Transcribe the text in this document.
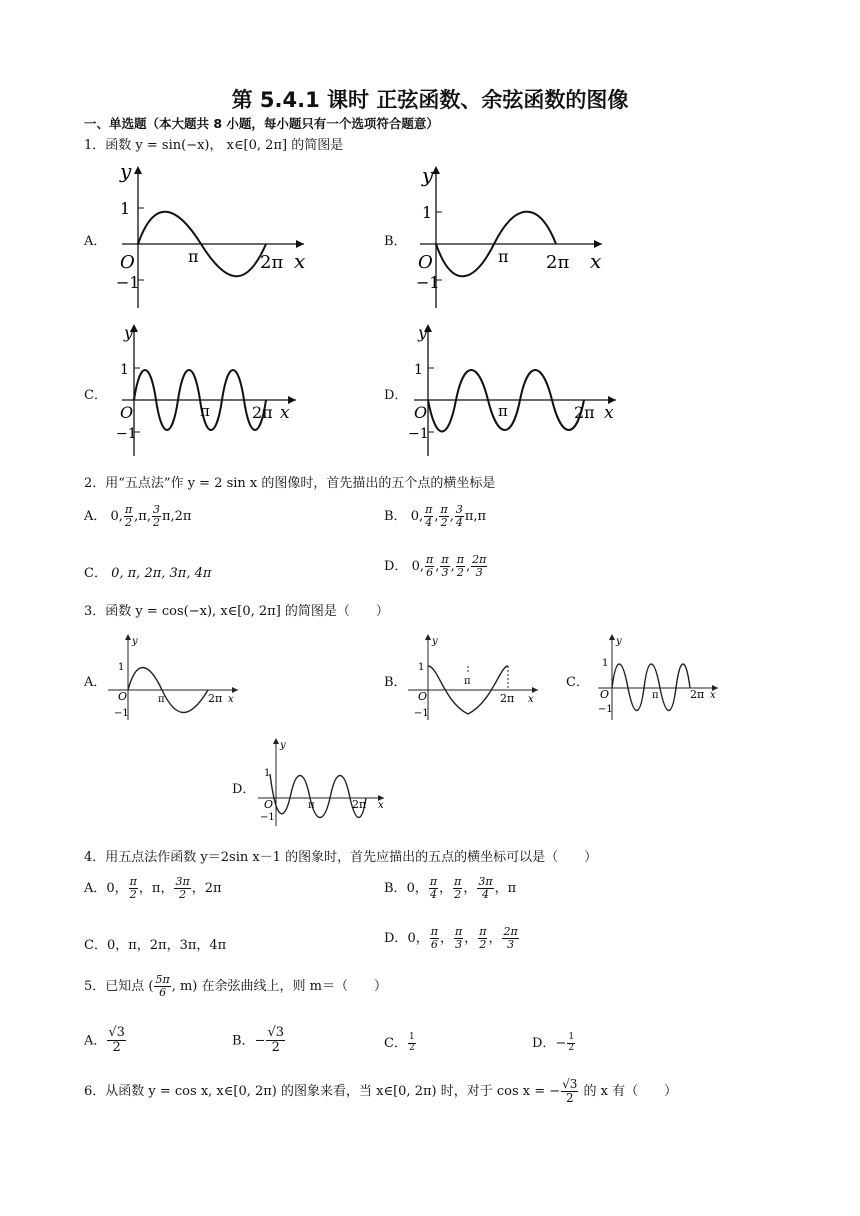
第 5.4.1 课时 正弦函数、余弦函数的图像
一、单选题（本大题共 8 小题，每小题只有一个选项符合题意）
1．函数 y = sin(−x)， x∈[0, 2π] 的简图是
A．
y
1
−1
O	π	2π x
B．
y
1
−1
O	π 2π x
C．
y
1
−1
O	π	2π x
D．
y
1
−1
O	π	2π x
2．用“五点法”作 y = 2 sin x 的图像时，首先描出的五个点的横坐标是
A． 0, $\frac{\pi}{2} ,\pi$, $\frac{3}{2} \pi,2\pi$	B． 0, $\frac{\pi}{4}$ , $\frac{\pi}{2}$ , $\frac{3}{4} \pi,\pi$
C． 0, π, 2π, 3π, 4π	D． 0, $\frac{\pi}{6}$ , $\frac{\pi}{3}$ , $\frac{\pi}{2}$ , $\frac{2\pi}{3}$
3．函数 y = cos(−x), x∈[0, 2π] 的简图是（　　）
A．
y
1
−1
O	π	2π x
B．
y
1
−1
O
π
2π x
C．
y
1
−1
O	π	2π x
D．
y
1
−1
O	π	2π x
4．用五点法作函数 y＝2sin x－1 的图象时，首先应描出的五点的横坐标可以是（　　）
A．0， $\frac{\pi}{2}$ ，π， $\frac{3\pi}{2}$ ，2π	B．0， $\frac{\pi}{4}$ ， $\frac{\pi}{2}$ ， $\frac{3\pi}{4}$ ，π
C．0，π，2π，3π，4π	D．0， $\frac{\pi}{6}$ ， $\frac{\pi}{3}$ ， $\frac{\pi}{2}$ ， $\frac{2\pi}{3}$
5．已知点 ( $\frac{5\pi}{6}$ , m) 在余弦曲线上，则 m＝（　　）
A． $\frac{√3}{2}$	B．− $\frac{√3}{2}$	C． $\frac{1}{2}$	D．− $\frac{1}{2}$
6．从函数 y = cos x, x∈[0, 2π) 的图象来看，当 x∈[0, 2π) 时，对于 cos x = − $\frac{√3}{2}$ 的 x 有（　　）
